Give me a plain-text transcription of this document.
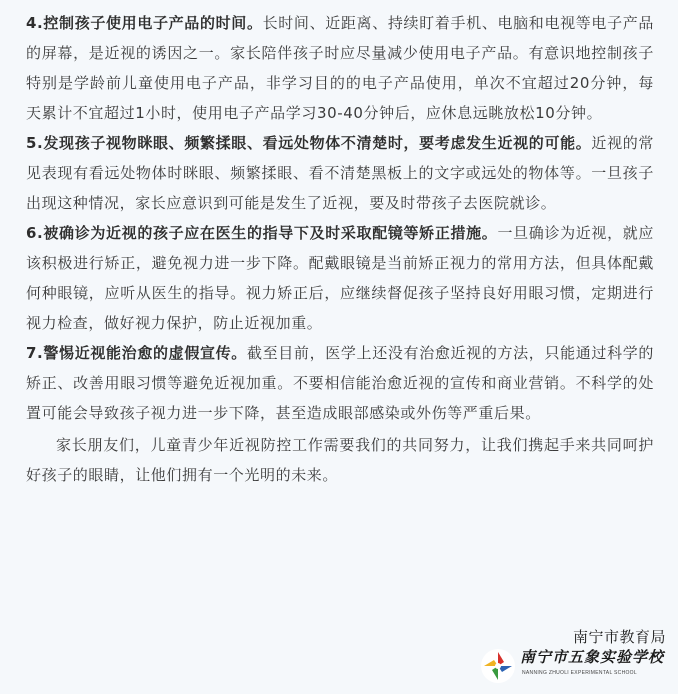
4.控制孩子使用电子产品的时间。长时间、近距离、持续盯着手机、电脑和电视等电子产品的屏幕，是近视的诱因之一。家长陪伴孩子时应尽量减少使用电子产品。有意识地控制孩子特别是学龄前儿童使用电子产品，非学习目的的电子产品使用，单次不宜超过20分钟，每天累计不宜超过1小时，使用电子产品学习30-40分钟后，应休息远眺放松10分钟。

5.发现孩子视物眯眼、频繁揉眼、看远处物体不清楚时，要考虑发生近视的可能。近视的常见表现有看远处物体时眯眼、频繁揉眼、看不清楚黑板上的文字或远处的物体等。一旦孩子出现这种情况，家长应意识到可能是发生了近视，要及时带孩子去医院就诊。

6.被确诊为近视的孩子应在医生的指导下及时采取配镜等矫正措施。一旦确诊为近视，就应该积极进行矫正，避免视力进一步下降。配戴眼镜是当前矫正视力的常用方法，但具体配戴何种眼镜，应听从医生的指导。视力矫正后，应继续督促孩子坚持良好用眼习惯，定期进行视力检查，做好视力保护，防止近视加重。

7.警惕近视能治愈的虚假宣传。截至目前，医学上还没有治愈近视的方法，只能通过科学的矫正、改善用眼习惯等避免近视加重。不要相信能治愈近视的宣传和商业营销。不科学的处置可能会导致孩子视力进一步下降，甚至造成眼部感染或外伤等严重后果。

家长朋友们，儿童青少年近视防控工作需要我们的共同努力，让我们携起手来共同呵护好孩子的眼睛，让他们拥有一个光明的未来。

南宁市教育局
南宁市五象实验学校
NANNING ZHUOLI EXPERIMENTAL SCHOOL
